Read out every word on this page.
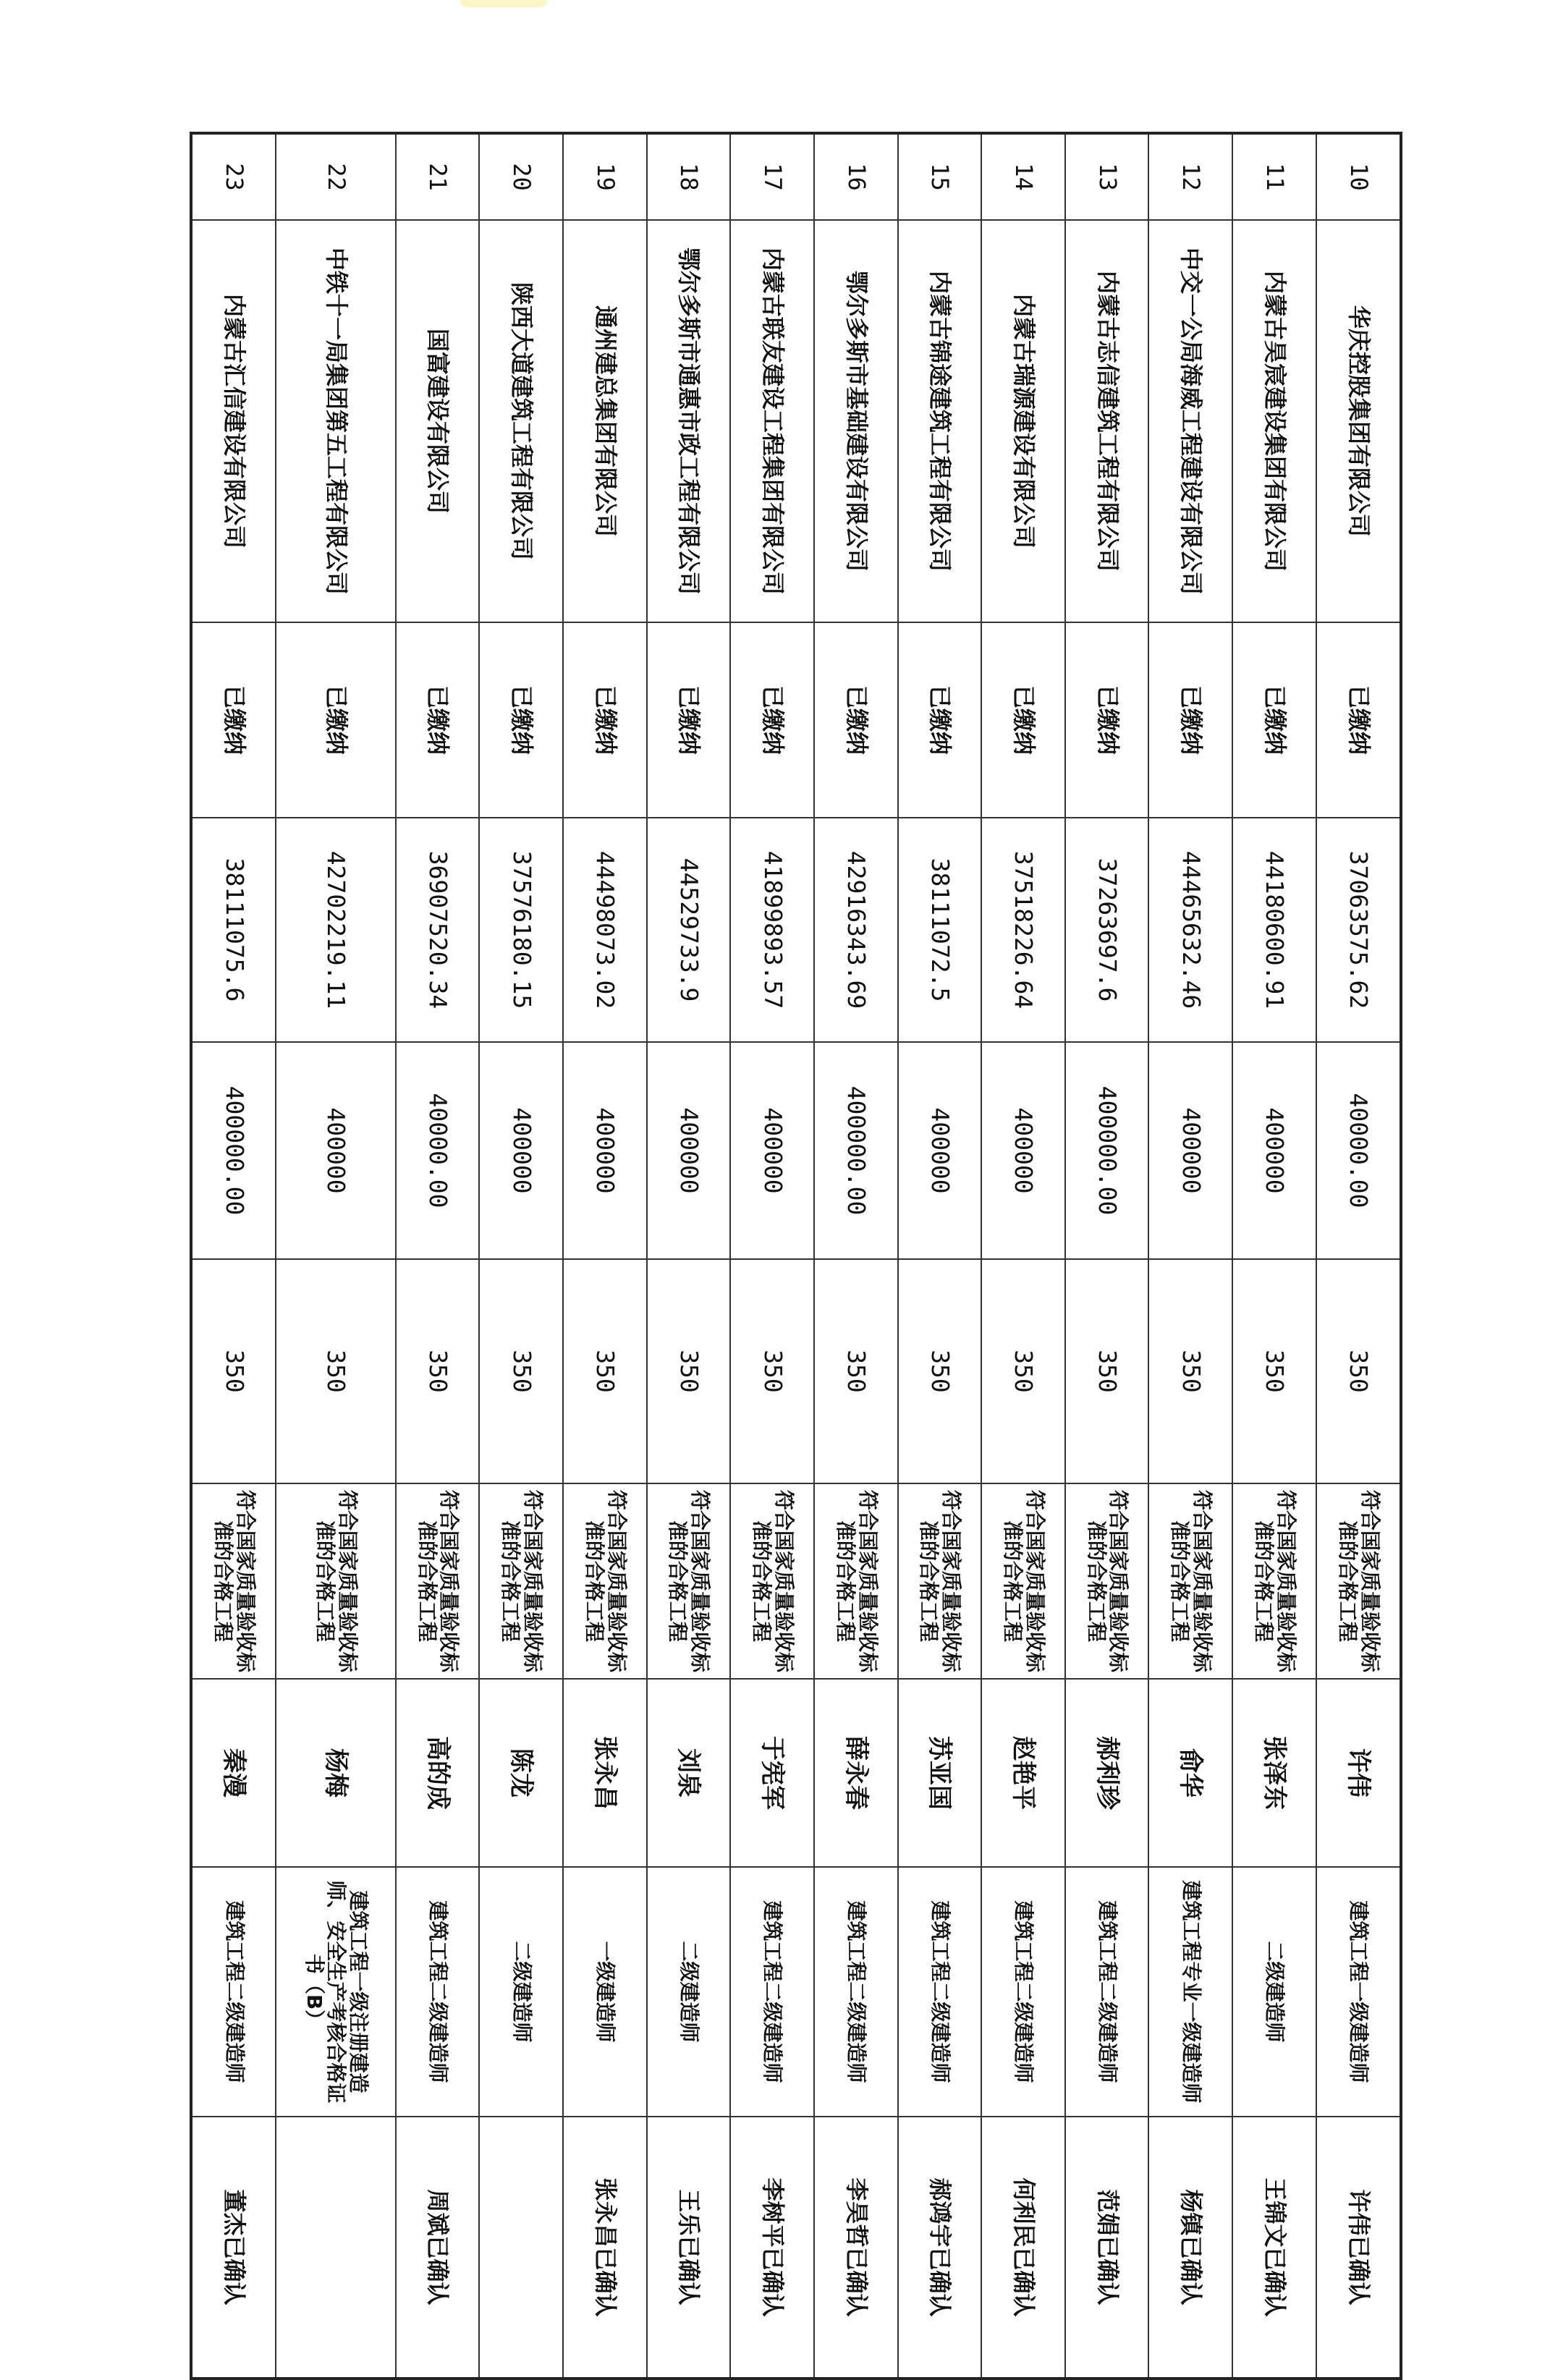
10	华庆控股集团有限公司	已缴纳	37063575.62	40000.00	350	符合国家质量验收标准的合格工程	许伟	建筑工程一级建造师	许伟已确认
11	内蒙古昊宸建设集团有限公司	已缴纳	44180600.91	400000	350	符合国家质量验收标准的合格工程	张泽东	二级建造师	王锦文已确认
12	中交一公局海威工程建设有限公司	已缴纳	44465632.46	400000	350	符合国家质量验收标准的合格工程	俞华	建筑工程专业一级建造师	杨镇已确认
13	内蒙古志信建筑工程有限公司	已缴纳	37263697.6	400000.00	350	符合国家质量验收标准的合格工程	郝利珍	建筑工程二级建造师	范娟已确认
14	内蒙古瑞源建设有限公司	已缴纳	37518226.64	400000	350	符合国家质量验收标准的合格工程	赵艳平	建筑工程二级建造师	何利民已确认
15	内蒙古锦途建筑工程有限公司	已缴纳	38111072.5	400000	350	符合国家质量验收标准的合格工程	苏亚国	建筑工程二级建造师	郝鸿宇已确认
16	鄂尔多斯市基础建设有限公司	已缴纳	42916343.69	400000.00	350	符合国家质量验收标准的合格工程	薛永春	建筑工程二级建造师	李昊哲已确认
17	内蒙古联友建设工程集团有限公司	已缴纳	41899893.57	400000	350	符合国家质量验收标准的合格工程	于宪军	建筑工程二级建造师	李树平已确认
18	鄂尔多斯市通惠市政工程有限公司	已缴纳	44529733.9	400000	350	符合国家质量验收标准的合格工程	刘泉	二级建造师	王乐已确认
19	通州建总集团有限公司	已缴纳	44498073.02	400000	350	符合国家质量验收标准的合格工程	张永昌	一级建造师	张永昌已确认
20	陕西大道建筑工程有限公司	已缴纳	37576180.15	400000	350	符合国家质量验收标准的合格工程	陈龙	二级建造师	
21	国富建设有限公司	已缴纳	36907520.34	40000.00	350	符合国家质量验收标准的合格工程	高的成	建筑工程二级建造师	周斌已确认
22	中铁十一局集团第五工程有限公司	已缴纳	42702219.11	400000	350	符合国家质量验收标准的合格工程	杨梅	建筑工程一级注册建造师、安全生产考核合格证书（B）	
23	内蒙古汇信建设有限公司	已缴纳	38111075.6	400000.00	350	符合国家质量验收标准的合格工程	秦漫	建筑工程二级建造师	董杰已确认
